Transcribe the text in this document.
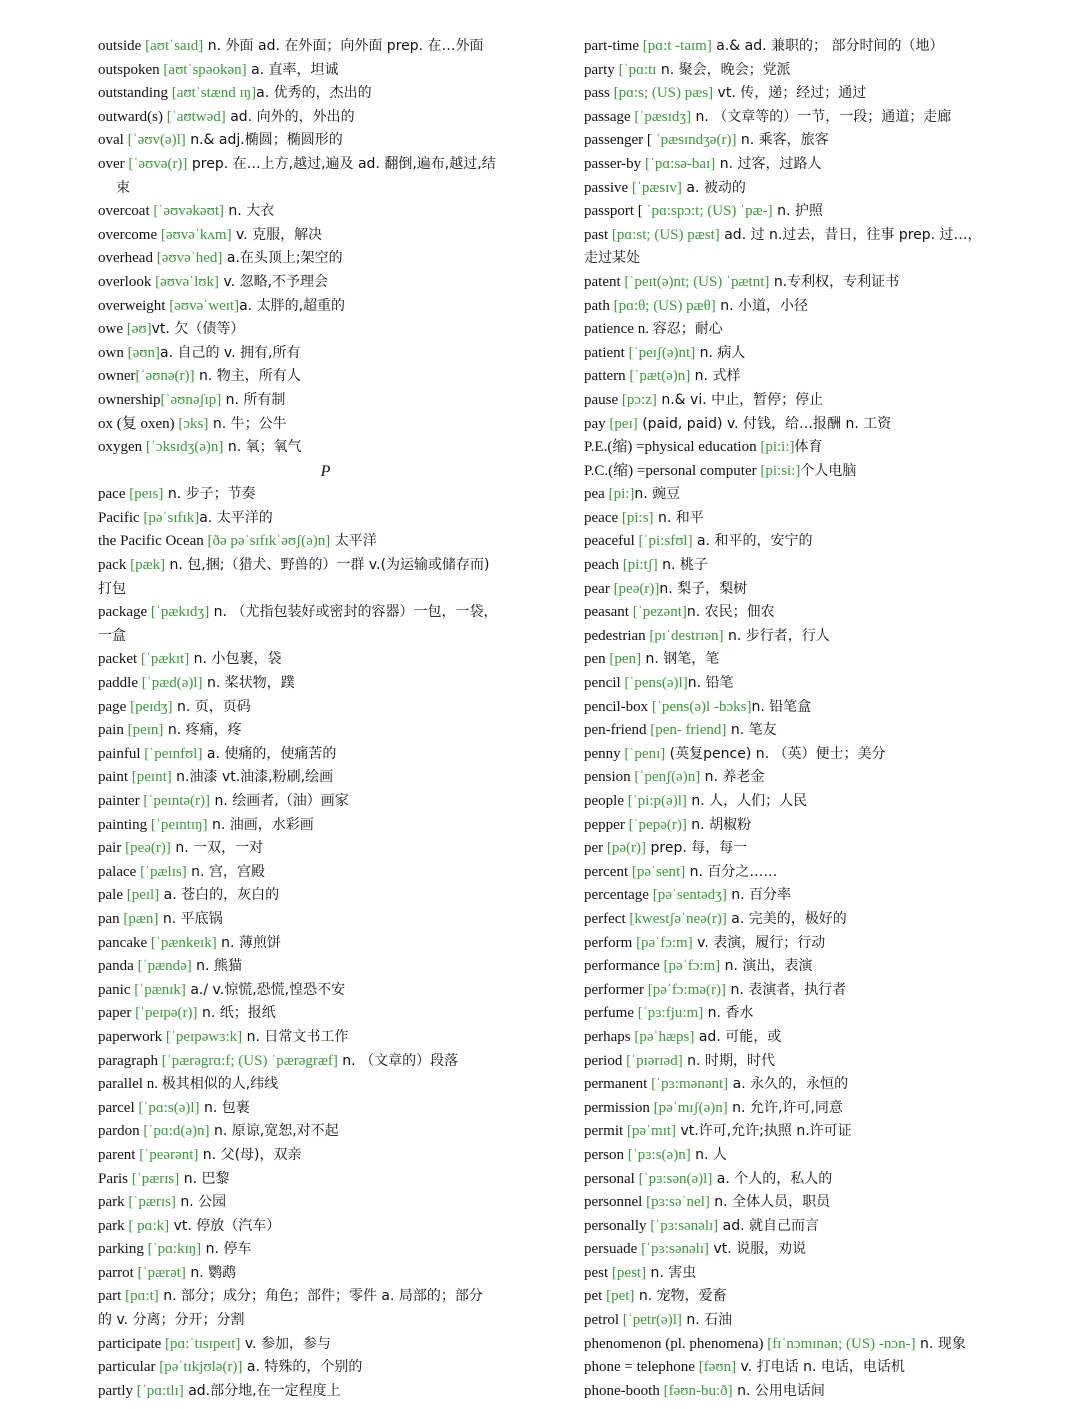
outside [aʊtˈsaɪd] n. 外面 ad. 在外面；向外面 prep. 在…外面
outspoken [aʊtˈspəokən] a. 直率，坦诚
outstanding [aʊtˈstænd ɪŋ]a. 优秀的，杰出的
outward(s) [ˈaʊtwəd] ad. 向外的，外出的
oval [ˈəʊv(ə)l] n.& adj.椭圆；椭圆形的
over [ˈəʊvə(r)] prep. 在…上方,越过,遍及 ad. 翻倒,遍布,越过,结
束
overcoat [ˈəʊvəkəʊt] n. 大衣
overcome [əʊvəˈkʌm] v. 克服，解决
overhead [əʊvəˈhed] a.在头顶上;架空的
overlook [əʊvəˈlʊk] v. 忽略,不予理会
overweight [əʊvəˈweɪt]a. 太胖的,超重的
owe [əʊ]vt. 欠（债等）
own [əʊn]a. 自己的 v. 拥有,所有
owner[ˈəʊnə(r)] n. 物主，所有人
ownership[ˈəʊnəʃɪp] n. 所有制
ox (复 oxen) [ɔks] n. 牛；公牛
oxygen [ˈɔksɪdʒ(ə)n] n. 氧；氧气
P
pace [peɪs] n. 步子；节奏
Pacific [pəˈsɪfɪk]a. 太平洋的
the Pacific Ocean [ðə pəˈsɪfɪkˈəʊʃ(ə)n] 太平洋
pack [pæk] n. 包,捆;（猎犬、野兽的）一群 v.(为运输或储存而)
打包
package [ˈpækɪdʒ] n. （尤指包装好或密封的容器）一包，一袋，
一盒
packet [ˈpækɪt] n. 小包裹，袋
paddle [ˈpæd(ə)l] n. 桨状物，蹼
page [peɪdʒ] n. 页，页码
pain [peɪn] n. 疼痛，疼
painful [ˈpeɪnfʊl] a. 使痛的，使痛苦的
paint [peɪnt] n.油漆 vt.油漆,粉刷,绘画
painter [ˈpeɪntə(r)] n. 绘画者,（油）画家
painting [ˈpeɪntɪŋ] n. 油画，水彩画
pair [peə(r)] n. 一双，一对
palace [ˈpælɪs] n. 宫，宫殿
pale [peɪl] a. 苍白的，灰白的
pan [pæn] n. 平底锅
pancake [ˈpænkeɪk] n. 薄煎饼
panda [ˈpændə] n. 熊猫
panic [ˈpænɪk] a./ v.惊慌,恐慌,惶恐不安
paper [ˈpeɪpə(r)] n. 纸；报纸
paperwork [ˈpeɪpəwɜ:k] n. 日常文书工作
paragraph [ˈpærəgrɑ:f; (US) ˈpærəgræf] n. （文章的）段落
parallel n. 极其相似的人,纬线
parcel [ˈpɑ:s(ə)l] n. 包裹
pardon [ˈpɑ:d(ə)n] n. 原谅,宽恕,对不起
parent [ˈpeərənt] n. 父(母)，双亲
Paris [ˈpærɪs] n. 巴黎
park [ˈpærɪs] n. 公园
park [ pɑ:k] vt. 停放（汽车）
parking [ˈpɑ:kɪŋ] n. 停车
parrot [ˈpærət] n. 鹦鹉
part [pɑ:t] n. 部分；成分；角色；部件；零件 a. 局部的；部分
的 v. 分离；分开；分割
participate [pɑ:ˈtɪsɪpeɪt] v. 参加，参与
particular [pəˈtɪkjʊlə(r)] a. 特殊的，个别的
partly [ˈpɑ:tlɪ] ad.部分地,在一定程度上
part-time [pɑ:t -taɪm] a.& ad. 兼职的； 部分时间的（地）
party [ˈpɑ:tɪ n. 聚会，晚会；党派
pass [pɑ:s; (US) pæs] vt. 传，递；经过；通过
passage [ˈpæsɪdʒ] n. （文章等的）一节，一段；通道；走廊
passenger [ ˈpæsɪndʒə(r)] n. 乘客，旅客
passer-by [ˈpɑ:sə-baɪ] n. 过客，过路人
passive [ˈpæsɪv] a. 被动的
passport [ ˈpɑ:spɔ:t; (US) ˈpæ-] n. 护照
past [pɑ:st; (US) pæst] ad. 过 n.过去，昔日，往事 prep. 过…，
走过某处
patent [ˈpeɪt(ə)nt; (US) ˈpætnt] n.专利权，专利证书
path [pɑ:θ; (US) pæθ] n. 小道，小径
patience n. 容忍；耐心
patient [ˈpeɪʃ(ə)nt] n. 病人
pattern [ˈpæt(ə)n] n. 式样
pause [pɔ:z] n.& vi. 中止，暂停；停止
pay [peɪ] (paid, paid) v. 付钱，给…报酬 n. 工资
P.E.(缩) =physical education [pi:i:]体育
P.C.(缩) =personal computer [pi:si:]个人电脑
pea [pi:]n. 豌豆
peace [pi:s] n. 和平
peaceful [ˈpi:sfʊl] a. 和平的，安宁的
peach [pi:tʃ] n. 桃子
pear [peə(r)]n. 梨子，梨树
peasant [ˈpezənt]n. 农民；佃农
pedestrian [pɪˈdestrɪən] n. 步行者，行人
pen [pen] n. 钢笔，笔
pencil [ˈpens(ə)l]n. 铅笔
pencil-box [ˈpens(ə)l -bɔks]n. 铅笔盒
pen-friend [pen- friend] n. 笔友
penny [ˈpenɪ] (英复pence) n. （英）便士；美分
pension [ˈpenʃ(ə)n] n. 养老金
people [ˈpi:p(ə)l] n. 人，人们；人民
pepper [ˈpepə(r)] n. 胡椒粉
per [pə(r)] prep. 每，每一
percent [pəˈsent] n. 百分之……
percentage [pəˈsentədʒ] n. 百分率
perfect [kwestʃəˈneə(r)] a. 完美的，极好的
perform [pəˈfɔ:m] v. 表演，履行；行动
performance [pəˈfɔ:m] n. 演出，表演
performer [pəˈfɔ:mə(r)] n. 表演者，执行者
perfume [ˈpɜ:fju:m] n. 香水
perhaps [pəˈhæps] ad. 可能，或
period [ˈpɪərɪəd] n. 时期，时代
permanent [ˈpɜ:mənənt] a. 永久的，永恒的
permission [pəˈmɪʃ(ə)n] n. 允许,许可,同意
permit [pəˈmɪt] vt.许可,允许;执照 n.许可证
person [ˈpɜ:s(ə)n] n. 人
personal [ˈpɜ:sən(ə)l] a. 个人的，私人的
personnel [pɜ:səˈnel] n. 全体人员，职员
personally [ˈpɜ:sənəlɪ] ad. 就自己而言
persuade [ˈpɜ:sənəlɪ] vt. 说服，劝说
pest [pest] n. 害虫
pet [pet] n. 宠物，爱畜
petrol [ˈpetr(ə)l] n. 石油
phenomenon (pl. phenomena) [fɪˈnɔmɪnən; (US) -nɔn-] n. 现象
phone = telephone [fəʊn] v. 打电话 n. 电话，电话机
phone-booth [fəʊn-bu:ð] n. 公用电话间
